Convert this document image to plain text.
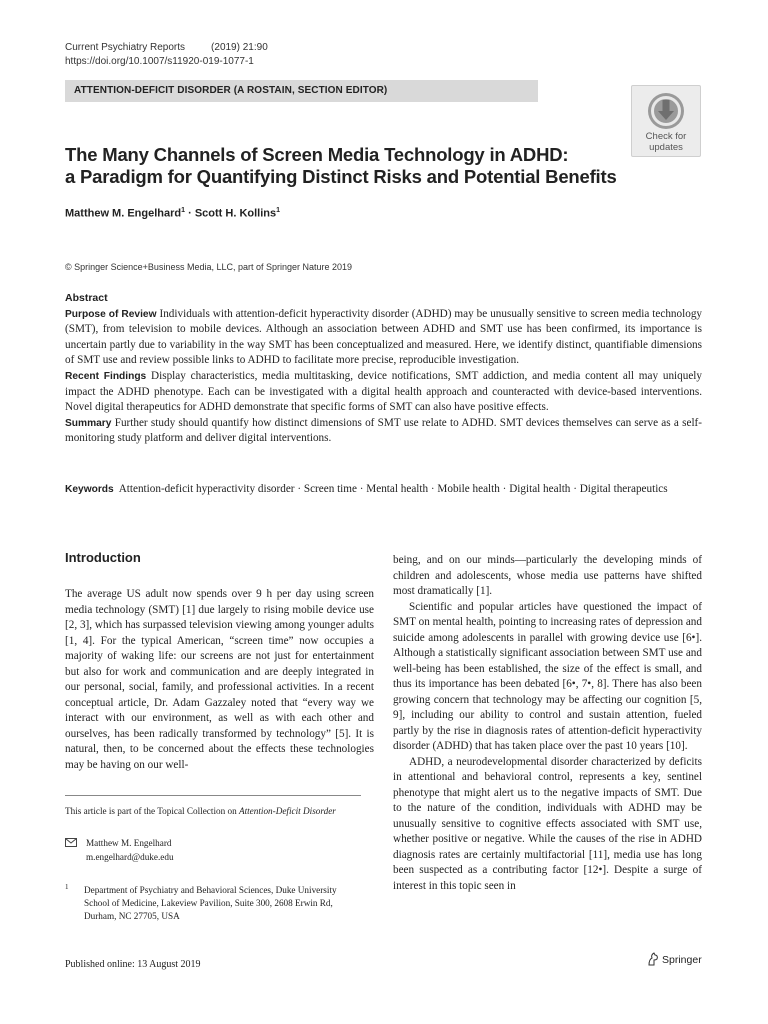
Current Psychiatry Reports	(2019) 21:90
https://doi.org/10.1007/s11920-019-1077-1
ATTENTION-DEFICIT DISORDER (A ROSTAIN, SECTION EDITOR)
Check for
updates
The Many Channels of Screen Media Technology in ADHD:
a Paradigm for Quantifying Distinct Risks and Potential Benefits
Matthew M. Engelhard$^1$ · Scott H. Kollins$^1$
© Springer Science+Business Media, LLC, part of Springer Nature 2019

Abstract

Purpose of Review Individuals with attention-deficit hyperactivity disorder (ADHD) may be unusually sensitive to screen media technology (SMT), from television to mobile devices. Although an association between ADHD and SMT use has been confirmed, its importance is uncertain partly due to variability in the way SMT has been conceptualized and measured. Here, we identify distinct, quantifiable dimensions of SMT use and review possible links to ADHD to facilitate more precise, reproducible investigation.

Recent Findings Display characteristics, media multitasking, device notifications, SMT addiction, and media content all may uniquely impact the ADHD phenotype. Each can be investigated with a digital health approach and counteracted with device-based interventions. Novel digital therapeutics for ADHD demonstrate that specific forms of SMT can also have positive effects.

Summary Further study should quantify how distinct dimensions of SMT use relate to ADHD. SMT devices themselves can serve as a self-monitoring study platform and deliver digital interventions.

Keywords Attention-deficit hyperactivity disorder · Screen time · Mental health · Mobile health · Digital health · Digital therapeutics
Introduction

The average US adult now spends over 9 h per day using screen media technology (SMT) [1] due largely to rising mobile device use [2, 3], which has surpassed television viewing among younger adults [1, 4]. For the typical American, “screen time” now occupies a majority of waking life: our screens are not just for entertainment but also for work and communication and are deeply integrated in our personal, social, family, and professional activities. In a recent conceptual article, Dr. Adam Gazzaley noted that “every way we interact with our environment, as well as with each other and ourselves, has been radically transformed by technology” [5]. It is natural, then, to be concerned about the effects these technologies may be having on our well-

being, and on our minds—particularly the developing minds of children and adolescents, whose media use patterns have shifted most dramatically [1].

Scientific and popular articles have questioned the impact of SMT on mental health, pointing to increasing rates of depression and suicide among adolescents in parallel with growing device use [6•]. Although a statistically significant association between SMT use and well-being has been established, the size of the effect is small, and thus its importance has been debated [6•, 7•, 8]. There has also been growing concern that technology may be affecting our cognition [5, 9], including our ability to control and sustain attention, fueled partly by the rise in diagnosis rates of attention-deficit hyperactivity disorder (ADHD) that has taken place over the past 10 years [10].

ADHD, a neurodevelopmental disorder characterized by deficits in attentional and behavioral control, represents a key, sentinel phenotype that might alert us to the negative impacts of SMT. Due to the nature of the condition, individuals with ADHD may be unusually sensitive to cognitive effects associated with SMT use, whether positive or negative. While the causes of the rise in ADHD diagnosis rates are certainly multifactorial [11], media use has long been suspected as a contributing factor [12•]. Despite a surge of interest in this topic seen in

This article is part of the Topical Collection on Attention-Deficit Disorder
Matthew M. Engelhard
m.engelhard@duke.edu
1 Department of Psychiatry and Behavioral Sciences, Duke University
School of Medicine, Lakeview Pavilion, Suite 300, 2608 Erwin Rd,
Durham, NC 27705, USA
Published online: 13 August 2019	Springer
